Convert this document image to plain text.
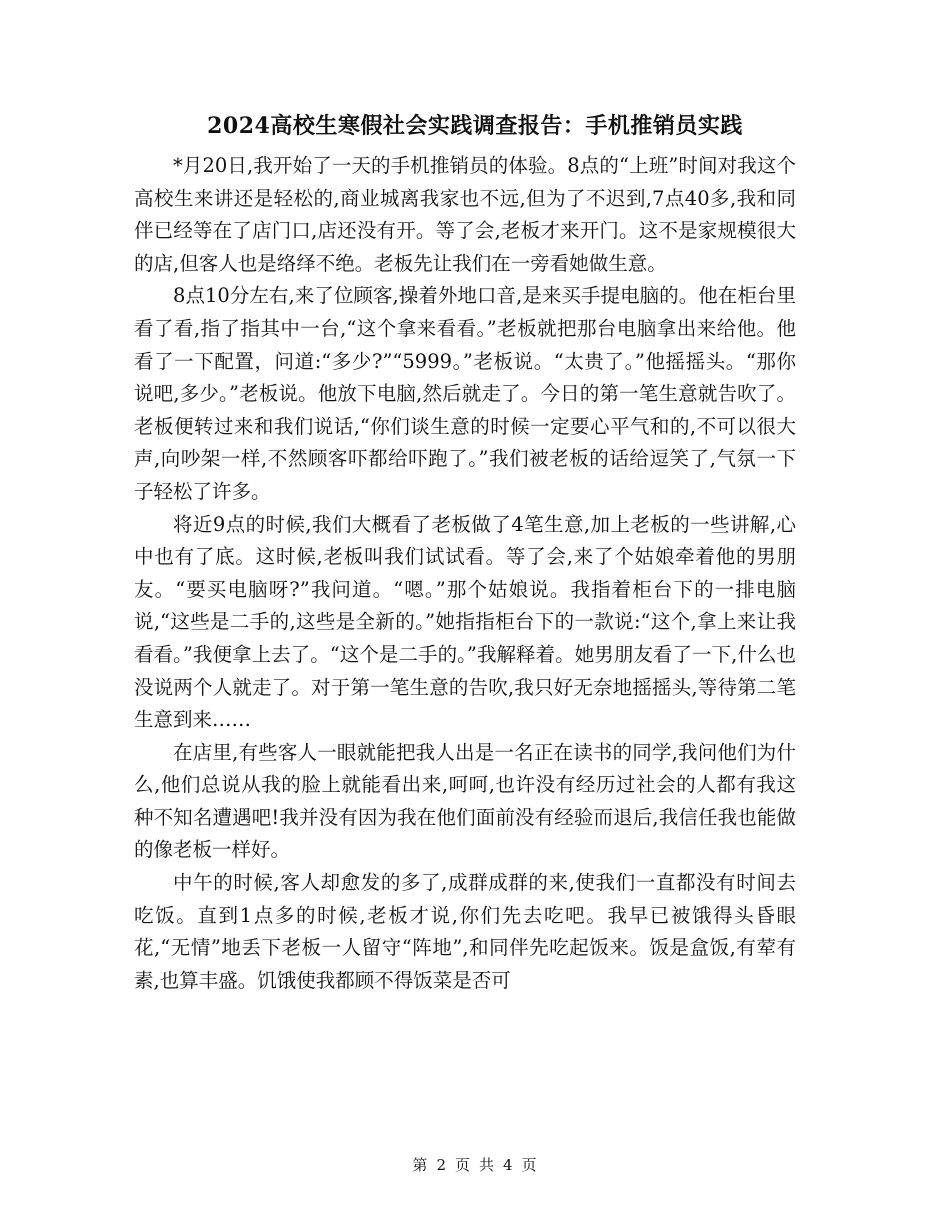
2024高校生寒假社会实践调查报告：手机推销员实践

*月20日,我开始了一天的手机推销员的体验。8点的“上班”时间对我这个高校生来讲还是轻松的,商业城离我家也不远,但为了不迟到,7点40多,我和同伴已经等在了店门口,店还没有开。等了会,老板才来开门。这不是家规模很大的店,但客人也是络绎不绝。老板先让我们在一旁看她做生意。

8点10分左右,来了位顾客,操着外地口音,是来买手提电脑的。他在柜台里看了看,指了指其中一台,“这个拿来看看。”老板就把那台电脑拿出来给他。他看了一下配置，问道:“多少?”“5999。”老板说。“太贵了。”他摇摇头。“那你说吧,多少。”老板说。他放下电脑,然后就走了。今日的第一笔生意就告吹了。老板便转过来和我们说话,“你们谈生意的时候一定要心平气和的,不可以很大声,向吵架一样,不然顾客吓都给吓跑了。”我们被老板的话给逗笑了,气氛一下子轻松了许多。

将近9点的时候,我们大概看了老板做了4笔生意,加上老板的一些讲解,心中也有了底。这时候,老板叫我们试试看。等了会,来了个姑娘牵着他的男朋友。“要买电脑呀?”我问道。“嗯。”那个姑娘说。我指着柜台下的一排电脑说,“这些是二手的,这些是全新的。”她指指柜台下的一款说:“这个,拿上来让我看看。”我便拿上去了。“这个是二手的。”我解释着。她男朋友看了一下,什么也没说两个人就走了。对于第一笔生意的告吹,我只好无奈地摇摇头,等待第二笔生意到来……

在店里,有些客人一眼就能把我人出是一名正在读书的同学,我问他们为什么,他们总说从我的脸上就能看出来,呵呵,也许没有经历过社会的人都有我这种不知名遭遇吧!我并没有因为我在他们面前没有经验而退后,我信任我也能做的像老板一样好。

中午的时候,客人却愈发的多了,成群成群的来,使我们一直都没有时间去吃饭。直到1点多的时候,老板才说,你们先去吃吧。我早已被饿得头昏眼花,“无情”地丢下老板一人留守“阵地”,和同伴先吃起饭来。饭是盒饭,有荤有素,也算丰盛。饥饿使我都顾不得饭菜是否可

第 2 页 共 4 页
